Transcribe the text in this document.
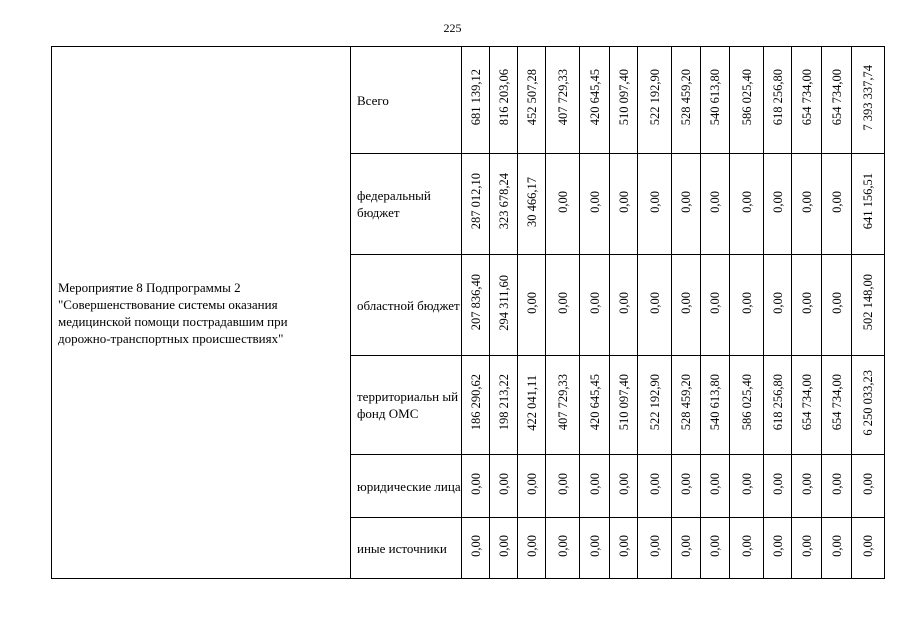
225
Мероприятие 8 Подпрограммы 2
"Совершенствование системы оказания
медицинской помощи пострадавшим при
дорожно-транспортных происшествиях"	Всего	681 139,12	816 203,06	452 507,28	407 729,33	420 645,45	510 097,40	522 192,90	528 459,20	540 613,80	586 025,40	618 256,80	654 734,00	654 734,00	7 393 337,74
	федеральный бюджет	287 012,10	323 678,24	30 466,17	0,00	0,00	0,00	0,00	0,00	0,00	0,00	0,00	0,00	0,00	641 156,51
	областной бюджет	207 836,40	294 311,60	0,00	0,00	0,00	0,00	0,00	0,00	0,00	0,00	0,00	0,00	0,00	502 148,00
	территориальн ый фонд ОМС	186 290,62	198 213,22	422 041,11	407 729,33	420 645,45	510 097,40	522 192,90	528 459,20	540 613,80	586 025,40	618 256,80	654 734,00	654 734,00	6 250 033,23
	юридические лица	0,00	0,00	0,00	0,00	0,00	0,00	0,00	0,00	0,00	0,00	0,00	0,00	0,00	0,00
	иные источники	0,00	0,00	0,00	0,00	0,00	0,00	0,00	0,00	0,00	0,00	0,00	0,00	0,00	0,00
